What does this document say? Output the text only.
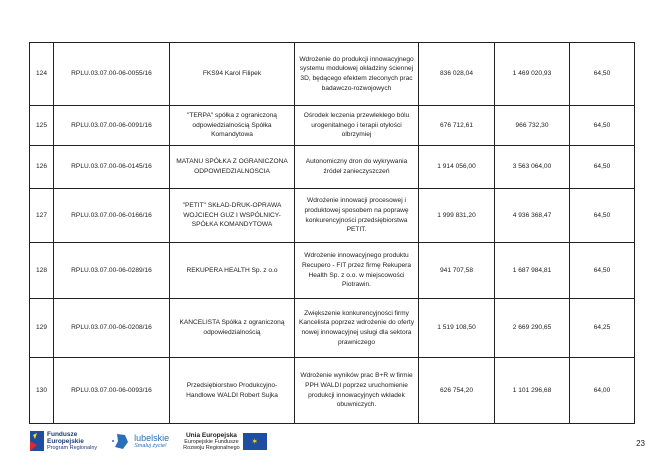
124	RPLU.03.07.00-06-0055/16	FKS94 Karol Filipek	Wdrożenie do produkcji innowacyjnego systemu modułowej okładziny ściennej 3D, będącego efektem zleconych prac badawczo-rozwojowych	836 028,04	1 469 020,93	64,50
125	RPLU.03.07.00-06-0091/16	"TERPA" spółka z ograniczoną odpowiedzialnością Spółka Komandytowa	Ośrodek leczenia przewlekłego bólu urogenitalnego i terapii otyłości olbrzymiej	676 712,61	966 732,30	64,50
126	RPLU.03.07.00-06-0145/16	MATANU SPÓŁKA Z OGRANICZONA ODPOWIEDZIALNOSCIA	Autonomiczny dron do wykrywania źródeł zanieczyszczeń	1 914 056,00	3 563 064,00	64,50
127	RPLU.03.07.00-06-0166/16	"PETIT" SKŁAD-DRUK-OPRAWA WOJCIECH GUZ I WSPÓLNICY-SPÓŁKA KOMANDYTOWA	Wdrożenie innowacji procesowej i produktowej sposobem na poprawę konkurencyjności przedsiębiorstwa PETIT.	1 999 831,20	4 936 368,47	64,50
128	RPLU.03.07.00-06-0289/16	REKUPERA HEALTH Sp. z o.o	Wdrożenie innowacyjnego produktu Recupero - FIT przez firmę Rekupera Health Sp. z o.o. w miejscowości Piotrawin.	941 707,58	1 687 984,81	64,50
129	RPLU.03.07.00-06-0208/16	KANCELISTA Spółka z ograniczoną odpowiedzialnością	Zwiększenie konkurencyjności firmy Kancelista poprzez wdrożenie do oferty nowej innowacyjnej usługi dla sektora prawniczego	1 519 108,50	2 669 290,65	64,25
130	RPLU.03.07.00-06-0093/16	Przedsiębiorstwo Produkcyjno-Handlowe WALDI Robert Sujka	Wdrożenie wyników prac B+R w firmie PPH WALDI poprzez uruchomienie produkcji innowacyjnych wkładek obuwniczych.	626 754,20	1 101 296,68	64,00
Fundusze
Europejskie
Program Regionalny
lubelskie
Smaluj życie!
Unia Europejska
Europejskie Fundusze
Rozwoju Regionalnego
✶	23
